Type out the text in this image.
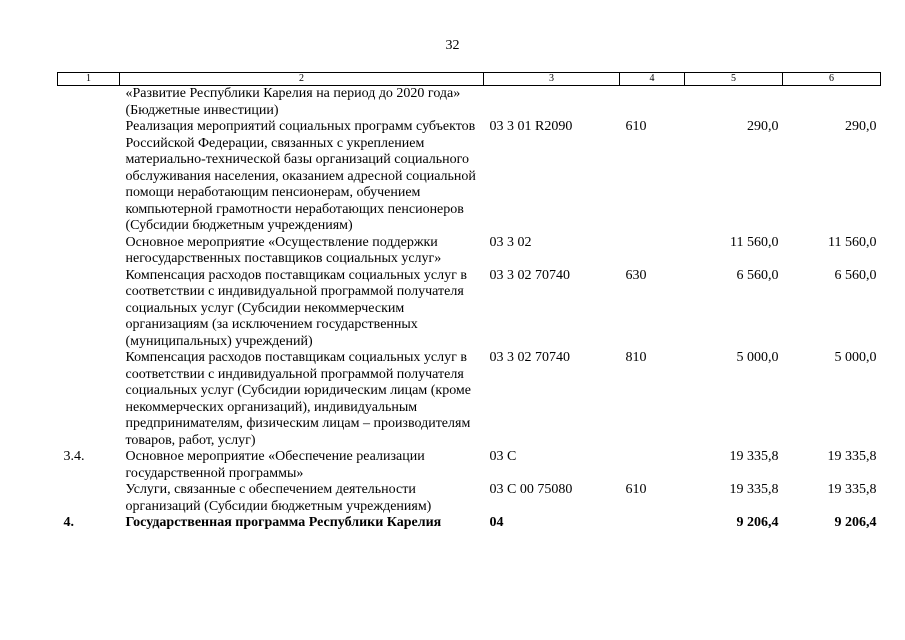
32
1	2	3	4	5	6
	«Развитие Республики Карелия на период до 2020 года» (Бюджетные инвестиции)				
	Реализация мероприятий социальных программ субъектов Российской Федерации, связанных с укреплением материально-технической базы организаций социального обслуживания населения, оказанием адресной социальной помощи неработающим пенсионерам, обучением компьютерной грамотности неработающих пенсионеров (Субсидии бюджетным учреждениям)	03 3 01 R2090	610	290,0	290,0
	Основное мероприятие «Осуществление поддержки негосударственных поставщиков социальных услуг»	03 3 02		11 560,0	11 560,0
	Компенсация расходов поставщикам социальных услуг в соответствии с индивидуальной программой получателя социальных услуг (Субсидии некоммерческим организациям (за исключением государственных (муниципальных) учреждений)	03 3 02 70740	630	6 560,0	6 560,0
	Компенсация расходов поставщикам социальных услуг в соответствии с индивидуальной программой получателя социальных услуг (Субсидии юридическим лицам (кроме некоммерческих организаций), индивидуальным предпринимателям, физическим лицам – производителям товаров, работ, услуг)	03 3 02 70740	810	5 000,0	5 000,0
3.4.	Основное мероприятие «Обеспечение реализации государственной программы»	03 С		19 335,8	19 335,8
	Услуги, связанные с обеспечением деятельности организаций (Субсидии бюджетным учреждениям)	03 С 00 75080	610	19 335,8	19 335,8
4.	Государственная программа Республики Карелия	04		9 206,4	9 206,4
